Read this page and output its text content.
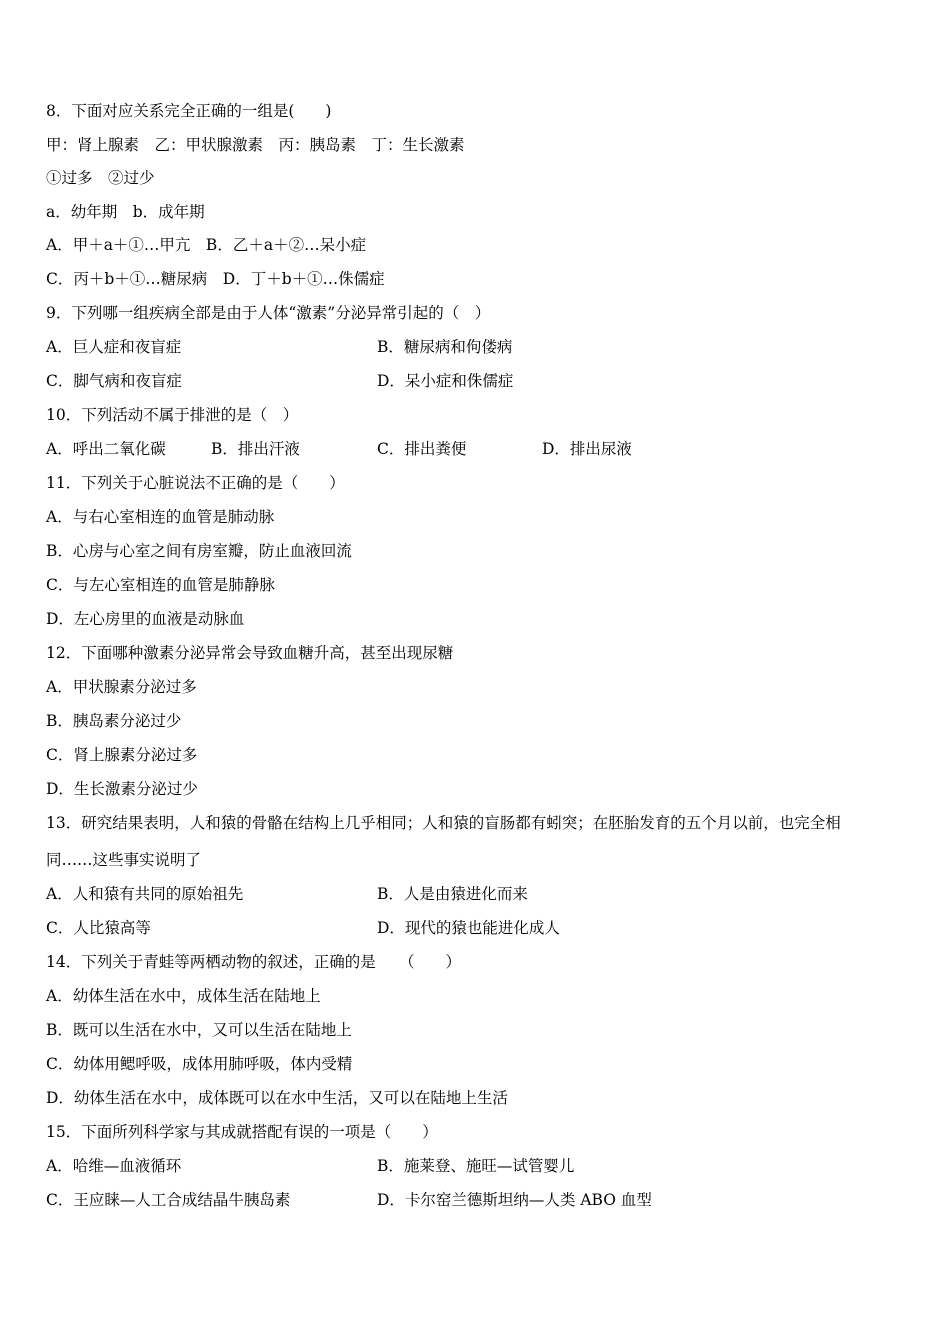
8．下面对应关系完全正确的一组是(　　)
甲：肾上腺素　乙：甲状腺激素　丙：胰岛素　丁：生长激素
①过多　②过少
a．幼年期　b．成年期
A．甲＋a＋①…甲亢　B．乙＋a＋②…呆小症
C．丙＋b＋①…糖尿病　D．丁＋b＋①…侏儒症
9．下列哪一组疾病全部是由于人体“激素”分泌异常引起的（　）
A．巨人症和夜盲症	B．糖尿病和佝偻病
C．脚气病和夜盲症	D．呆小症和侏儒症
10．下列活动不属于排泄的是（　）
A．呼出二氧化碳	B．排出汗液	C．排出粪便	D．排出尿液
11．下列关于心脏说法不正确的是（　　）
A．与右心室相连的血管是肺动脉
B．心房与心室之间有房室瓣，防止血液回流
C．与左心室相连的血管是肺静脉
D．左心房里的血液是动脉血
12．下面哪种激素分泌异常会导致血糖升高，甚至出现尿糖
A．甲状腺素分泌过多
B．胰岛素分泌过少
C．肾上腺素分泌过多
D．生长激素分泌过少
13．研究结果表明，人和猿的骨骼在结构上几乎相同；人和猿的盲肠都有蚓突；在胚胎发育的五个月以前，也完全相
同……这些事实说明了
A．人和猿有共同的原始祖先	B．人是由猿进化而来
C．人比猿高等	D．现代的猿也能进化成人
14．下列关于青蛙等两栖动物的叙述，正确的是　　（　　）
A．幼体生活在水中，成体生活在陆地上
B．既可以生活在水中，又可以生活在陆地上
C．幼体用鳃呼吸，成体用肺呼吸，体内受精
D．幼体生活在水中，成体既可以在水中生活，又可以在陆地上生活
15．下面所列科学家与其成就搭配有误的一项是（　　）
A．哈维—血液循环	B．施莱登、施旺—试管婴儿
C．王应睐—人工合成结晶牛胰岛素	D．卡尔窑兰德斯坦纳—人类 ABO 血型
